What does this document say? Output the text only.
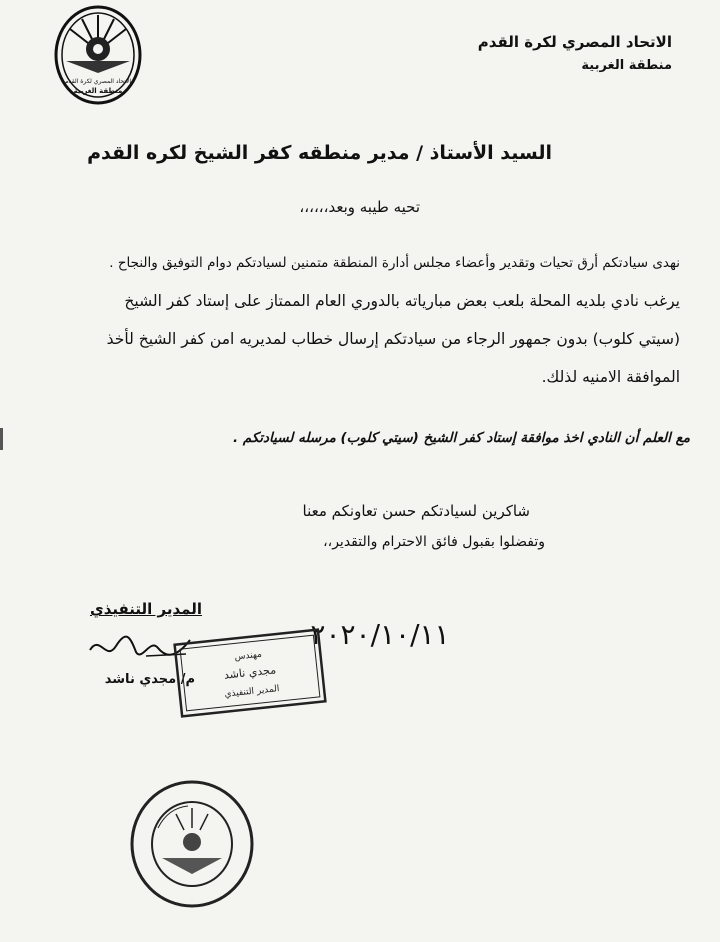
الاتحاد المصري لكرة القدم
منطقة الغربية
الاتحاد المصري لكرة القدم
منطقة الغربية
السيد الأستاذ / مدير منطقه كفر الشيخ لكره القدم
تحيه طيبه وبعد،،،،،،
نهدى سيادتكم أرق تحيات وتقدير وأعضاء مجلس أدارة المنطقة متمنين لسيادتكم دوام التوفيق والنجاح .
يرغب نادي بلديه المحلة بلعب بعض مبارياته بالدوري العام الممتاز على إستاد كفر الشيخ
(سيتي كلوب) بدون جمهور الرجاء من سيادتكم إرسال خطاب لمديريه امن كفر الشيخ لأخذ
الموافقة الامنيه لذلك.
مع العلم أن النادي اخذ موافقة إستاد كفر الشيخ (سيتي كلوب) مرسله لسيادتكم .
شاكرين لسيادتكم حسن تعاونكم معنا
وتفضلوا بقبول فائق الاحترام والتقدير،،
المدير التنفيذي
م/ مجدي ناشد
٢٠٢٠/١٠/١١
مهندس
مجدي ناشد
المدير التنفيذي
